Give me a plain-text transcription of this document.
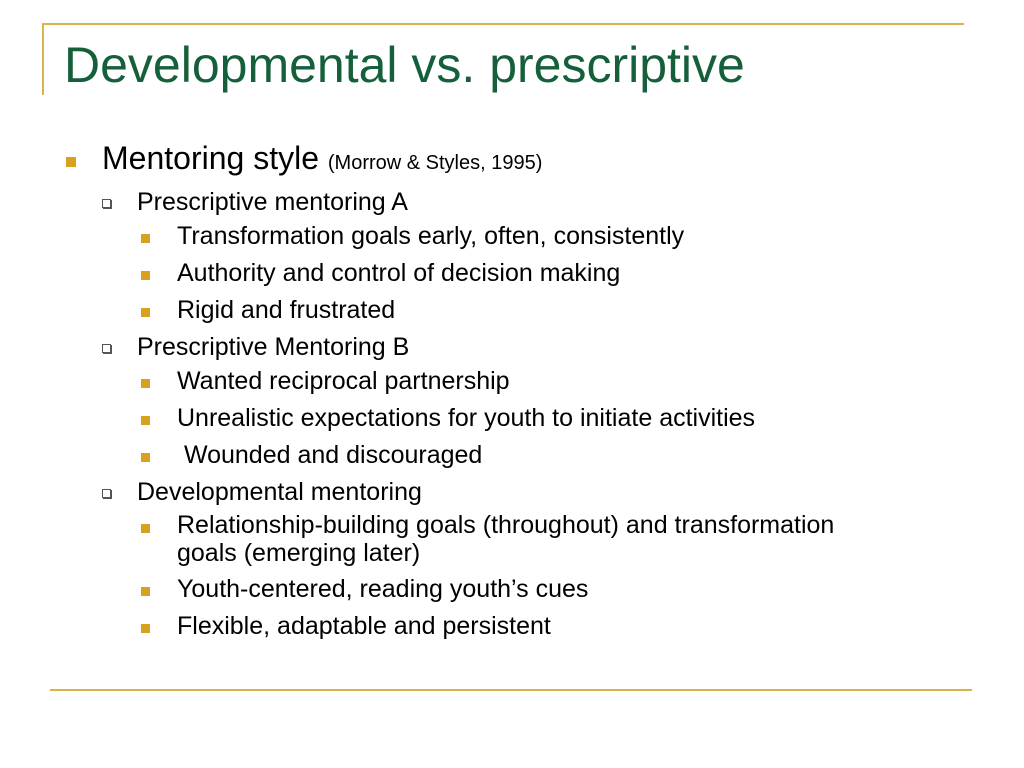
Developmental vs. prescriptive
Mentoring style (Morrow & Styles, 1995)
Prescriptive mentoring A
Transformation goals early, often, consistently
Authority and control of decision making
Rigid and frustrated
Prescriptive Mentoring B
Wanted reciprocal partnership
Unrealistic expectations for youth to initiate activities
Wounded and discouraged
Developmental mentoring
Relationship-building goals (throughout) and transformation goals (emerging later)
Youth-centered, reading youth’s cues
Flexible, adaptable and persistent
